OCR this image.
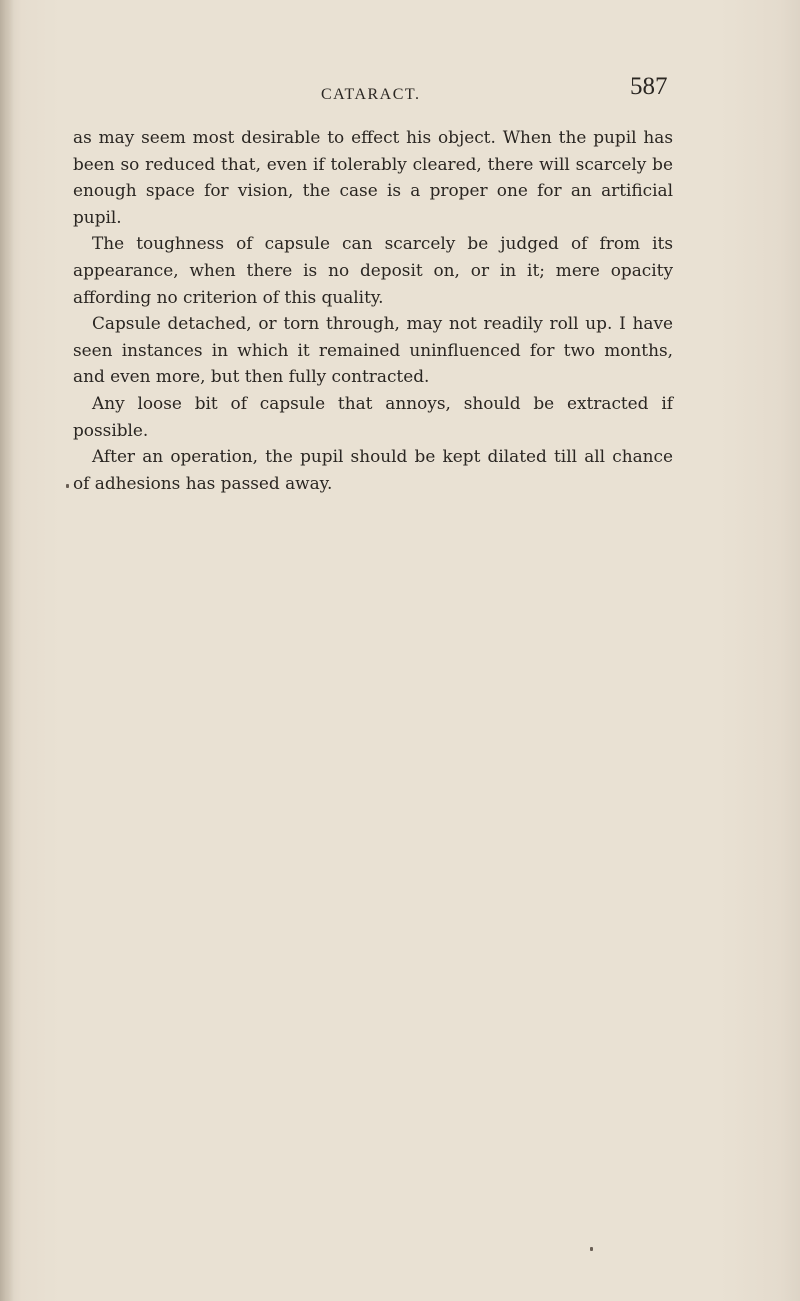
CATARACT.	587

as may seem most desirable to effect his object. When the pupil has been so reduced that, even if tolerably cleared, there will scarcely be enough space for vision, the case is a proper one for an artificial pupil.

The toughness of capsule can scarcely be judged of from its appearance, when there is no deposit on, or in it; mere opacity affording no criterion of this quality.

Capsule detached, or torn through, may not readily roll up. I have seen instances in which it remained uninfluenced for two months, and even more, but then fully contracted.

Any loose bit of capsule that annoys, should be extracted if possible.

After an operation, the pupil should be kept dilated till all chance of adhesions has passed away.
